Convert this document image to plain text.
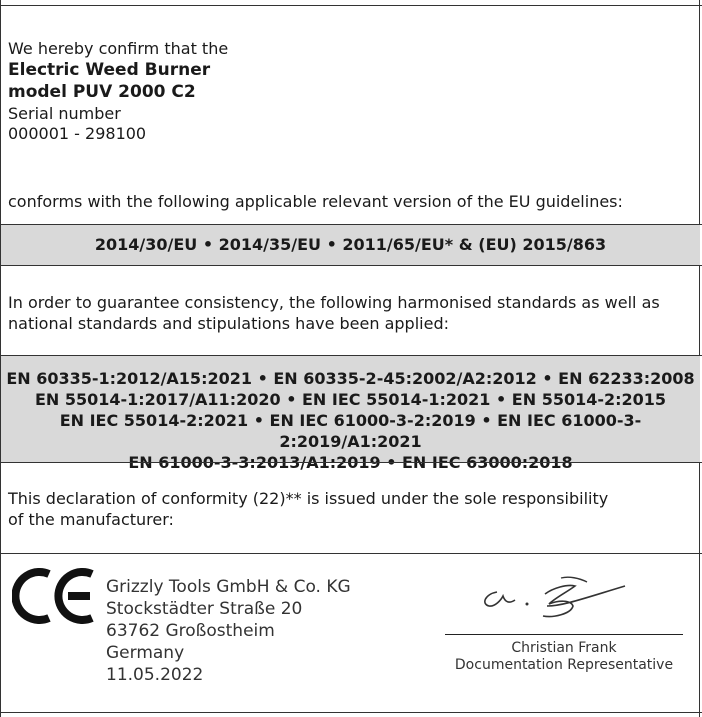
We hereby confirm that the
Electric Weed Burner
model PUV 2000 C2
Serial number
000001 - 298100
conforms with the following applicable relevant version of the EU guidelines:
2014/30/EU • 2014/35/EU • 2011/65/EU* & (EU) 2015/863
In order to guarantee consistency, the following harmonised standards as well as
national standards and stipulations have been applied:
EN 60335-1:2012/A15:2021 • EN 60335-2-45:2002/A2:2012 • EN 62233:2008
EN 55014-1:2017/A11:2020 • EN IEC 55014-1:2021 • EN 55014-2:2015
EN IEC 55014-2:2021 • EN IEC 61000-3-2:2019 • EN IEC 61000-3-2:2019/A1:2021
EN 61000-3-3:2013/A1:2019 • EN IEC 63000:2018
This declaration of conformity (22)** is issued under the sole responsibility
of the manufacturer:
Grizzly Tools GmbH & Co. KG
Stockstädter Straße 20
63762 Großostheim
Germany
11.05.2022
Christian Frank
Documentation Representative
